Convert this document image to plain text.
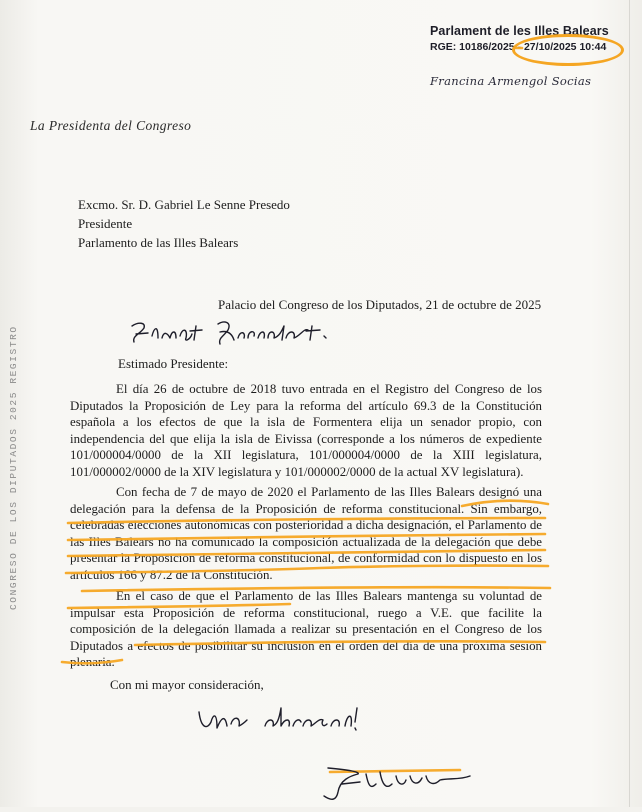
Parlament de les Illes Balears
RGE: 10186/2025 - 27/10/2025 10:44
Francina Armengol Socias
La Presidenta del Congreso
Excmo. Sr. D. Gabriel Le Senne Presedo
Presidente
Parlamento de las Illes Balears
Palacio del Congreso de los Diputados, 21 de octubre de 2025
Estimado Presidente:
El día 26 de octubre de 2018 tuvo entrada en el Registro del Congreso de los Diputados la Proposición de Ley para la reforma del artículo 69.3 de la Constitución española a los efectos de que la isla de Formentera elija un senador propio, con independencia del que elija la isla de Eivissa (corresponde a los números de expediente 101/000004/0000 de la XII legislatura, 101/000004/0000 de la XIII legislatura, 101/000002/0000 de la XIV legislatura y 101/000002/0000 de la actual XV legislatura).
Con fecha de 7 de mayo de 2020 el Parlamento de las Illes Balears designó una delegación para la defensa de la Proposición de reforma constitucional. Sin embargo, celebradas elecciones autonómicas con posterioridad a dicha designación, el Parlamento de las Illes Balears no ha comunicado la composición actualizada de la delegación que debe presentar la Proposición de reforma constitucional, de conformidad con lo dispuesto en los artículos 166 y 87.2 de la Constitución.
En el caso de que el Parlamento de las Illes Balears mantenga su voluntad de impulsar esta Proposición de reforma constitucional, ruego a V.E. que facilite la composición de la delegación llamada a realizar su presentación en el Congreso de los Diputados a efectos de posibilitar su inclusión en el orden del día de una próxima sesión plenaria.
Con mi mayor consideración,
CONGRESO DE LOS DIPUTADOS 2025 REGISTRO
